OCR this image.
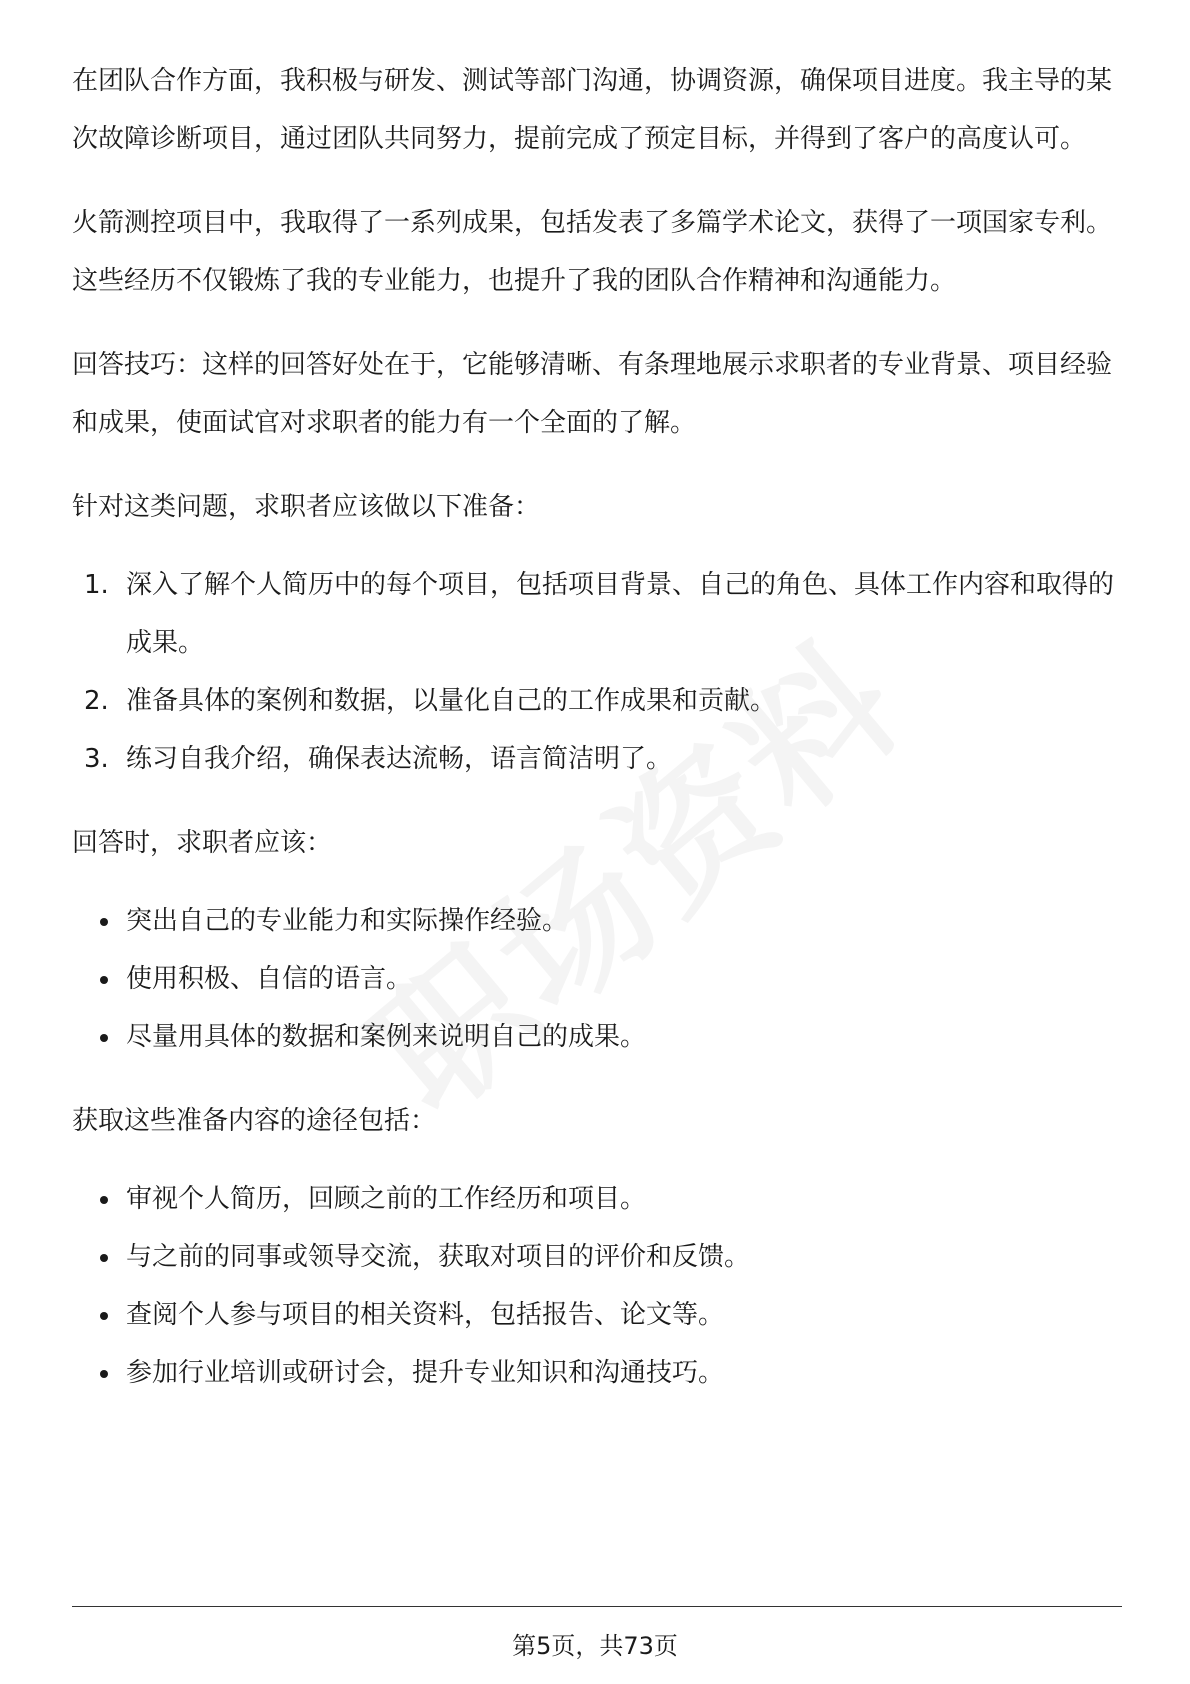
在团队合作方面，我积极与研发、测试等部门沟通，协调资源，确保项目进度。我主导的某次故障诊断项目，通过团队共同努力，提前完成了预定目标，并得到了客户的高度认可。

火箭测控项目中，我取得了一系列成果，包括发表了多篇学术论文，获得了一项国家专利。这些经历不仅锻炼了我的专业能力，也提升了我的团队合作精神和沟通能力。

回答技巧：这样的回答好处在于，它能够清晰、有条理地展示求职者的专业背景、项目经验和成果，使面试官对求职者的能力有一个全面的了解。

针对这类问题，求职者应该做以下准备：

1. 深入了解个人简历中的每个项目，包括项目背景、自己的角色、具体工作内容和取得的成果。
2. 准备具体的案例和数据，以量化自己的工作成果和贡献。
3. 练习自我介绍，确保表达流畅，语言简洁明了。

回答时，求职者应该：

突出自己的专业能力和实际操作经验。
使用积极、自信的语言。
尽量用具体的数据和案例来说明自己的成果。

获取这些准备内容的途径包括：

审视个人简历，回顾之前的工作经历和项目。
与之前的同事或领导交流，获取对项目的评价和反馈。
查阅个人参与项目的相关资料，包括报告、论文等。
参加行业培训或研讨会，提升专业知识和沟通技巧。
第5页，共73页
